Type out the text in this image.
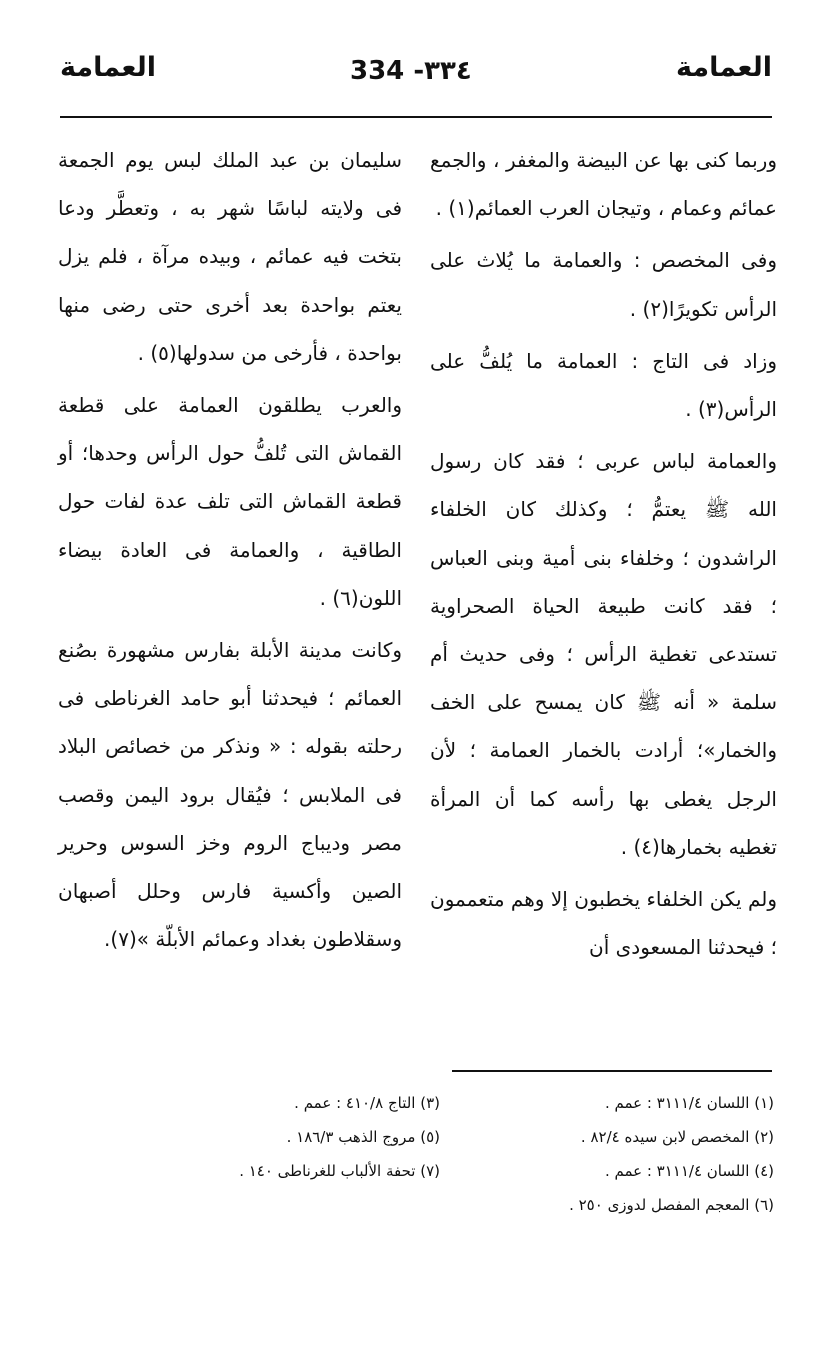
العمامة
334 -٣٣٤
العمامة

وربما كنى بها عن البيضة والمغفر ، والجمع عمائم وعمام ، وتيجان العرب العمائم(١) .

وفى المخصص : والعمامة ما يُلاث على الرأس تكويرًا(٢) .

وزاد فى التاج : العمامة ما يُلفُّ على الرأس(٣) .

والعمامة لباس عربى ؛ فقد كان رسول الله ﷺ يعتمُّ ؛ وكذلك كان الخلفاء الراشدون ؛ وخلفاء بنى أمية وبنى العباس ؛ فقد كانت طبيعة الحياة الصحراوية تستدعى تغطية الرأس ؛ وفى حديث أم سلمة « أنه ﷺ كان يمسح على الخف والخمار»؛ أرادت بالخمار العمامة ؛ لأن الرجل يغطى بها رأسه كما أن المرأة تغطيه بخمارها(٤) .

ولم يكن الخلفاء يخطبون إلا وهم متعممون ؛ فيحدثنا المسعودى أن

سليمان بن عبد الملك لبس يوم الجمعة فى ولايته لباسًا شهر به ، وتعطَّر ودعا بتخت فيه عمائم ، وبيده مرآة ، فلم يزل يعتم بواحدة بعد أخرى حتى رضى منها بواحدة ، فأرخى من سدولها(٥) .

والعرب يطلقون العمامة على قطعة القماش التى تُلفُّ حول الرأس وحدها؛ أو قطعة القماش التى تلف عدة لفات حول الطاقية ، والعمامة فى العادة بيضاء اللون(٦) .

وكانت مدينة الأبلة بفارس مشهورة بصُنع العمائم ؛ فيحدثنا أبو حامد الغرناطى فى رحلته بقوله : « ونذكر من خصائص البلاد فى الملابس ؛ فيُقال برود اليمن وقصب مصر وديباج الروم وخز السوس وحرير الصين وأكسية فارس وحلل أصبهان وسقلاطون بغداد وعمائم الأبلّة »(٧).

(١) اللسان ٣١١١/٤ : عمم .
(٢) المخصص لابن سيده ٨٢/٤ .
(٤) اللسان ٣١١١/٤ : عمم .
(٦) المعجم المفصل لدوزى ٢٥٠ .
(٣) التاج ٤١٠/٨ : عمم .
(٥) مروج الذهب ١٨٦/٣ .
(٧) تحفة الألباب للغرناطى ١٤٠ .
